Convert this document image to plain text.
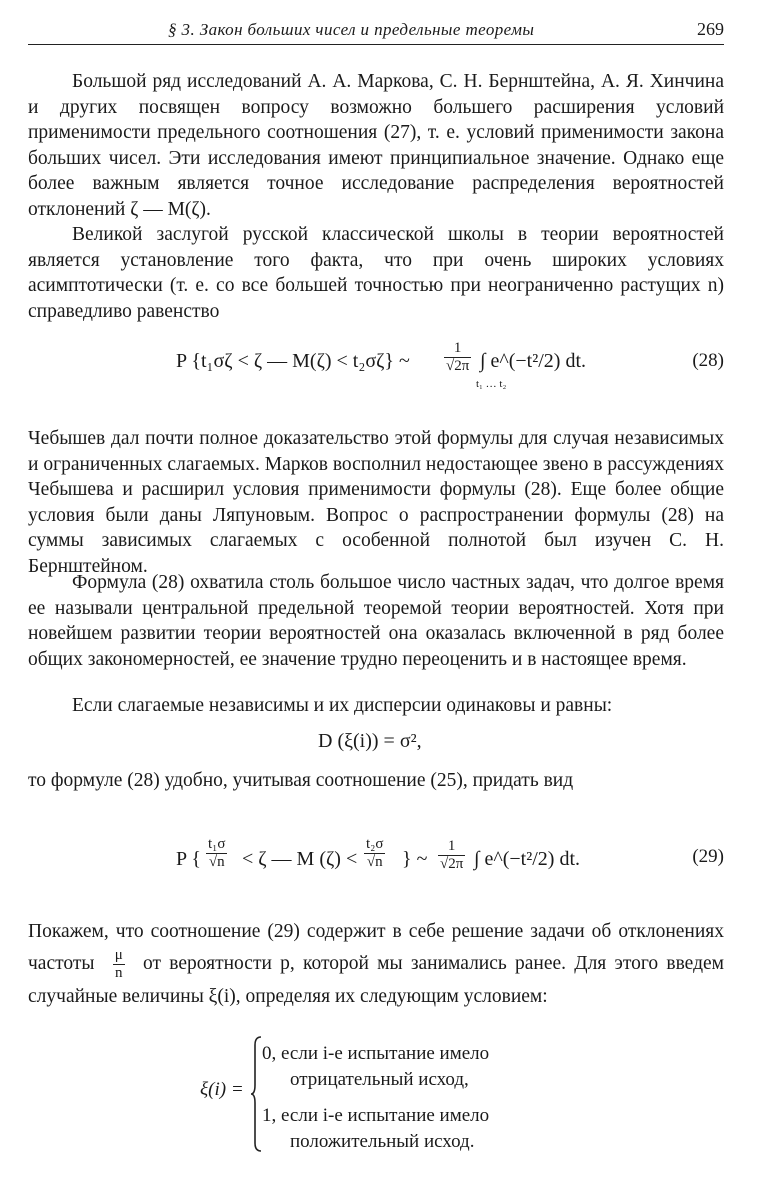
§ 3. Закон больших чисел и предельные теоремы	269
Большой ряд исследований А. А. Маркова, С. Н. Бернштейна, А. Я. Хинчина и других посвящен вопросу возможно большего расширения условий применимости предельного соотношения (27), т. е. условий применимости закона больших чисел. Эти исследования имеют принципиальное значение. Однако еще более важным является точное исследование распределения вероятностей отклонений ζ — M(ζ).
Великой заслугой русской классической школы в теории вероятностей является установление того факта, что при очень широких условиях асимптотически (т. е. со все большей точностью при неограниченно растущих n) справедливо равенство
P {t₁σζ < ζ — M(ζ) < t₂σζ} ~ $\frac{1}{√2\pi}$ ∫ e^(−t²/2) dt.
t₁ … t₂
(28)
Чебышев дал почти полное доказательство этой формулы для случая независимых и ограниченных слагаемых. Марков восполнил недостающее звено в рассуждениях Чебышева и расширил условия применимости формулы (28). Еще более общие условия были даны Ляпуновым. Вопрос о распространении формулы (28) на суммы зависимых слагаемых с особенной полнотой был изучен С. Н. Бернштейном.
Формула (28) охватила столь большое число частных задач, что долгое время ее называли центральной предельной теоремой теории вероятностей. Хотя при новейшем развитии теории вероятностей она оказалась включенной в ряд более общих закономерностей, ее значение трудно переоценить и в настоящее время.
Если слагаемые независимы и их дисперсии одинаковы и равны:
D (ξ(i)) = σ²,
то формуле (28) удобно, учитывая соотношение (25), придать вид
P { $\frac{\text{t₁σ}}{√n} < \zeta$ — M $(\zeta) < \frac{\text{t₂σ}}{√n}$ } ~ $\frac{1}{√2\pi}$ ∫ e^(−t²/2) dt.	(29)
Покажем, что соотношение (29) содержит в себе решение задачи об отклонениях частоты $\frac{\mu}{n}$ от вероятности p, которой мы занимались ранее. Для этого введем случайные величины ξ(i), определяя их следующим условием:
ξ(i) =
0, если i-е испытание имело
отрицательный исход,
1, если i-е испытание имело
положительный исход.
